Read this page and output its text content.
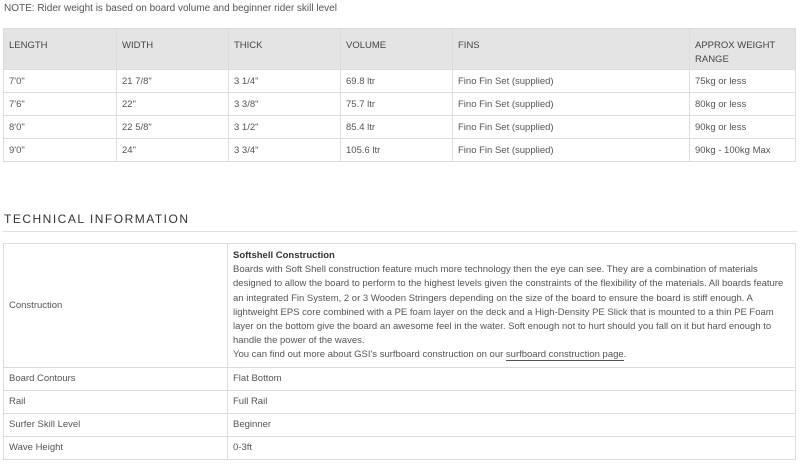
NOTE: Rider weight is based on board volume and beginner rider skill level
LENGTH	WIDTH	THICK	VOLUME	FINS	APPROX WEIGHT RANGE
7'0"	21 7/8"	3 1/4"	69.8 ltr	Fino Fin Set (supplied)	75kg or less
7'6"	22"	3 3/8"	75.7 ltr	Fino Fin Set (supplied)	80kg or less
8'0"	22 5/8"	3 1/2"	85.4 ltr	Fino Fin Set (supplied)	90kg or less
9'0"	24"	3 3/4"	105.6 ltr	Fino Fin Set (supplied)	90kg - 100kg Max
TECHNICAL INFORMATION
Construction	Softshell Construction
Boards with Soft Shell construction feature much more technology then the eye can see. They are a combination of materials designed to allow the board to perform to the highest levels given the constraints of the flexibility of the materials. All boards feature an integrated Fin System, 2 or 3 Wooden Stringers depending on the size of the board to ensure the board is stiff enough. A lightweight EPS core combined with a PE foam layer on the deck and a High-Density PE Slick that is mounted to a thin PE Foam layer on the bottom give the board an awesome feel in the water. Soft enough not to hurt should you fall on it but hard enough to handle the power of the waves.
You can find out more about GSI's surfboard construction on our surfboard construction page.

Board Contours	Flat Bottom
Rail	Full Rail
Surfer Skill Level	Beginner
Wave Height	0-3ft
